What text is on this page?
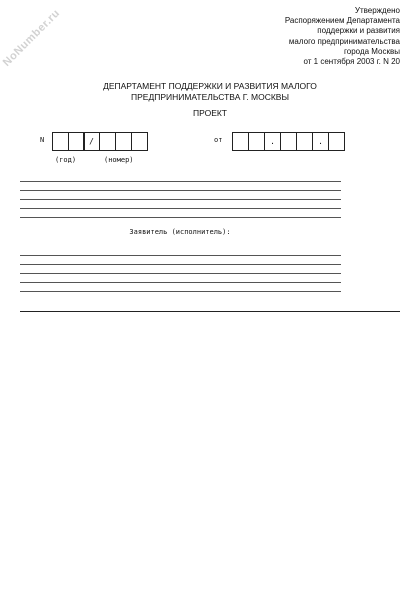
NoNumber.ru	Утверждено
Распоряжением Департамента
поддержки и развития
малого предпринимательства
города Москвы
от 1 сентября 2003 г. N 20
ДЕПАРТАМЕНТ ПОДДЕРЖКИ И РАЗВИТИЯ МАЛОГО
ПРЕДПРИНИМАТЕЛЬСТВА Г. МОСКВЫ
ПРОЕКТ
N	/
(год)	(номер)
от	.	.
Заявитель (исполнитель):
